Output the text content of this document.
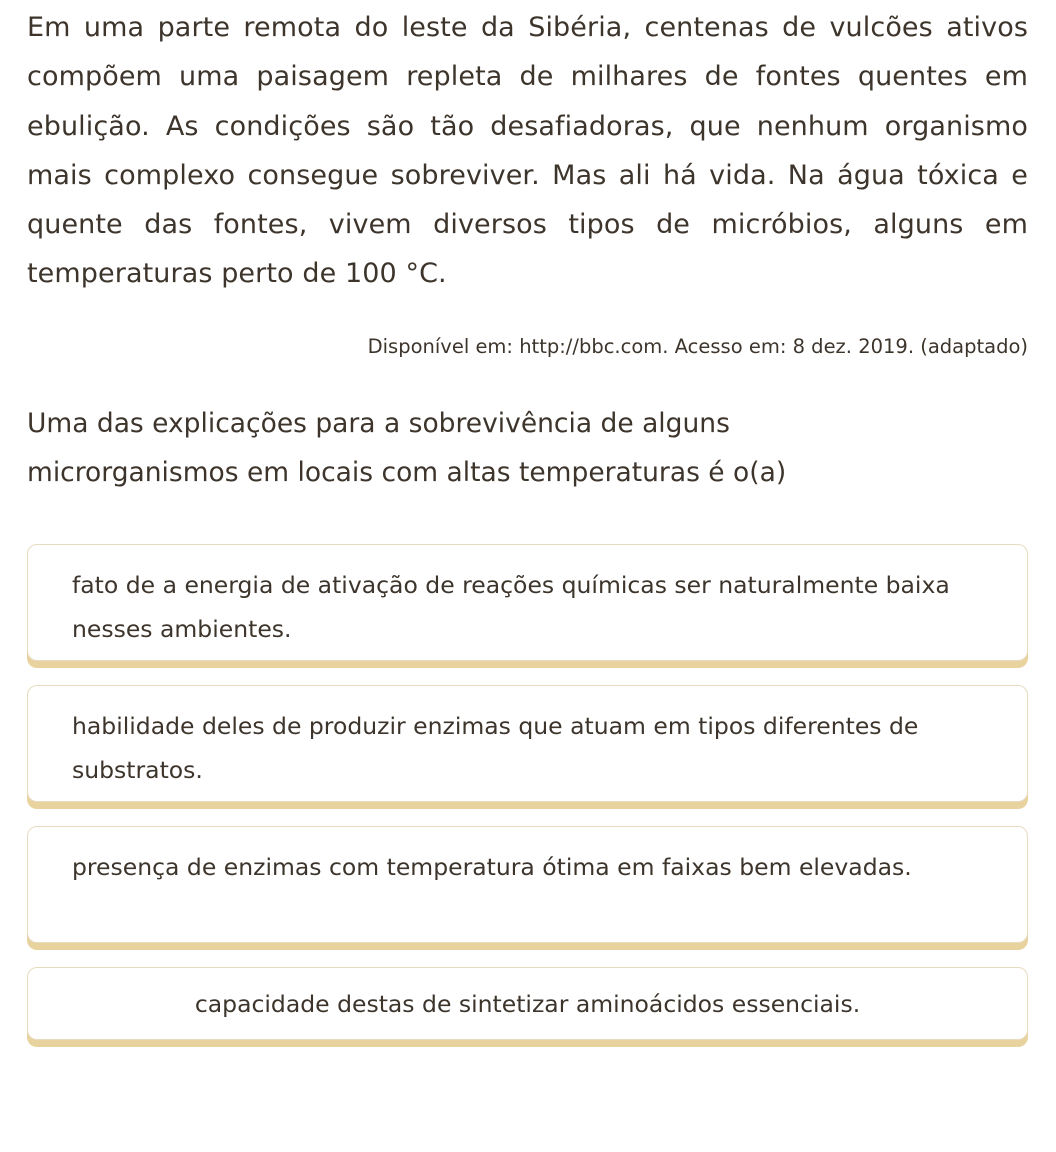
Em uma parte remota do leste da Sibéria, centenas de vulcões ativos compõem uma paisagem repleta de milhares de fontes quentes em ebulição. As condições são tão desafiadoras, que nenhum organismo mais complexo consegue sobreviver. Mas ali há vida. Na água tóxica e quente das fontes, vivem diversos tipos de micróbios, alguns em temperaturas perto de 100 °C.

Disponível em: http://bbc.com. Acesso em: 8 dez. 2019. (adaptado)

Uma das explicações para a sobrevivência de alguns microrganismos em locais com altas temperaturas é o(a)

fato de a energia de ativação de reações químicas ser naturalmente baixa nesses ambientes.
habilidade deles de produzir enzimas que atuam em tipos diferentes de substratos.
presença de enzimas com temperatura ótima em faixas bem elevadas.
capacidade destas de sintetizar aminoácidos essenciais.
